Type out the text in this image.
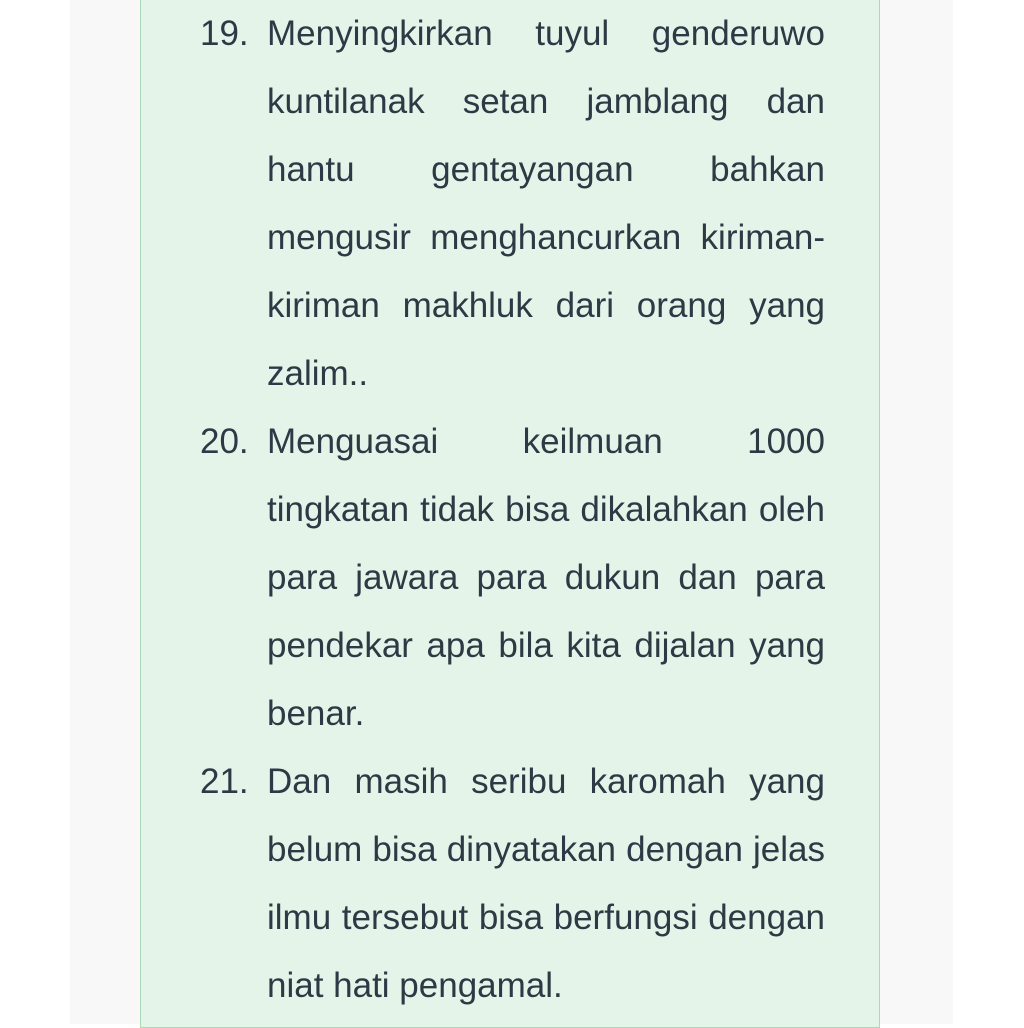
19. Menyingkirkan tuyul genderuwo kuntilanak setan jamblang dan hantu gentayangan bahkan mengusir menghancurkan kiriman-kiriman makhluk dari orang yang zalim..
20. Menguasai keilmuan 1000 tingkatan tidak bisa dikalahkan oleh para jawara para dukun dan para pendekar apa bila kita dijalan yang benar.
21. Dan masih seribu karomah yang belum bisa dinyatakan dengan jelas ilmu tersebut bisa berfungsi dengan niat hati pengamal.
